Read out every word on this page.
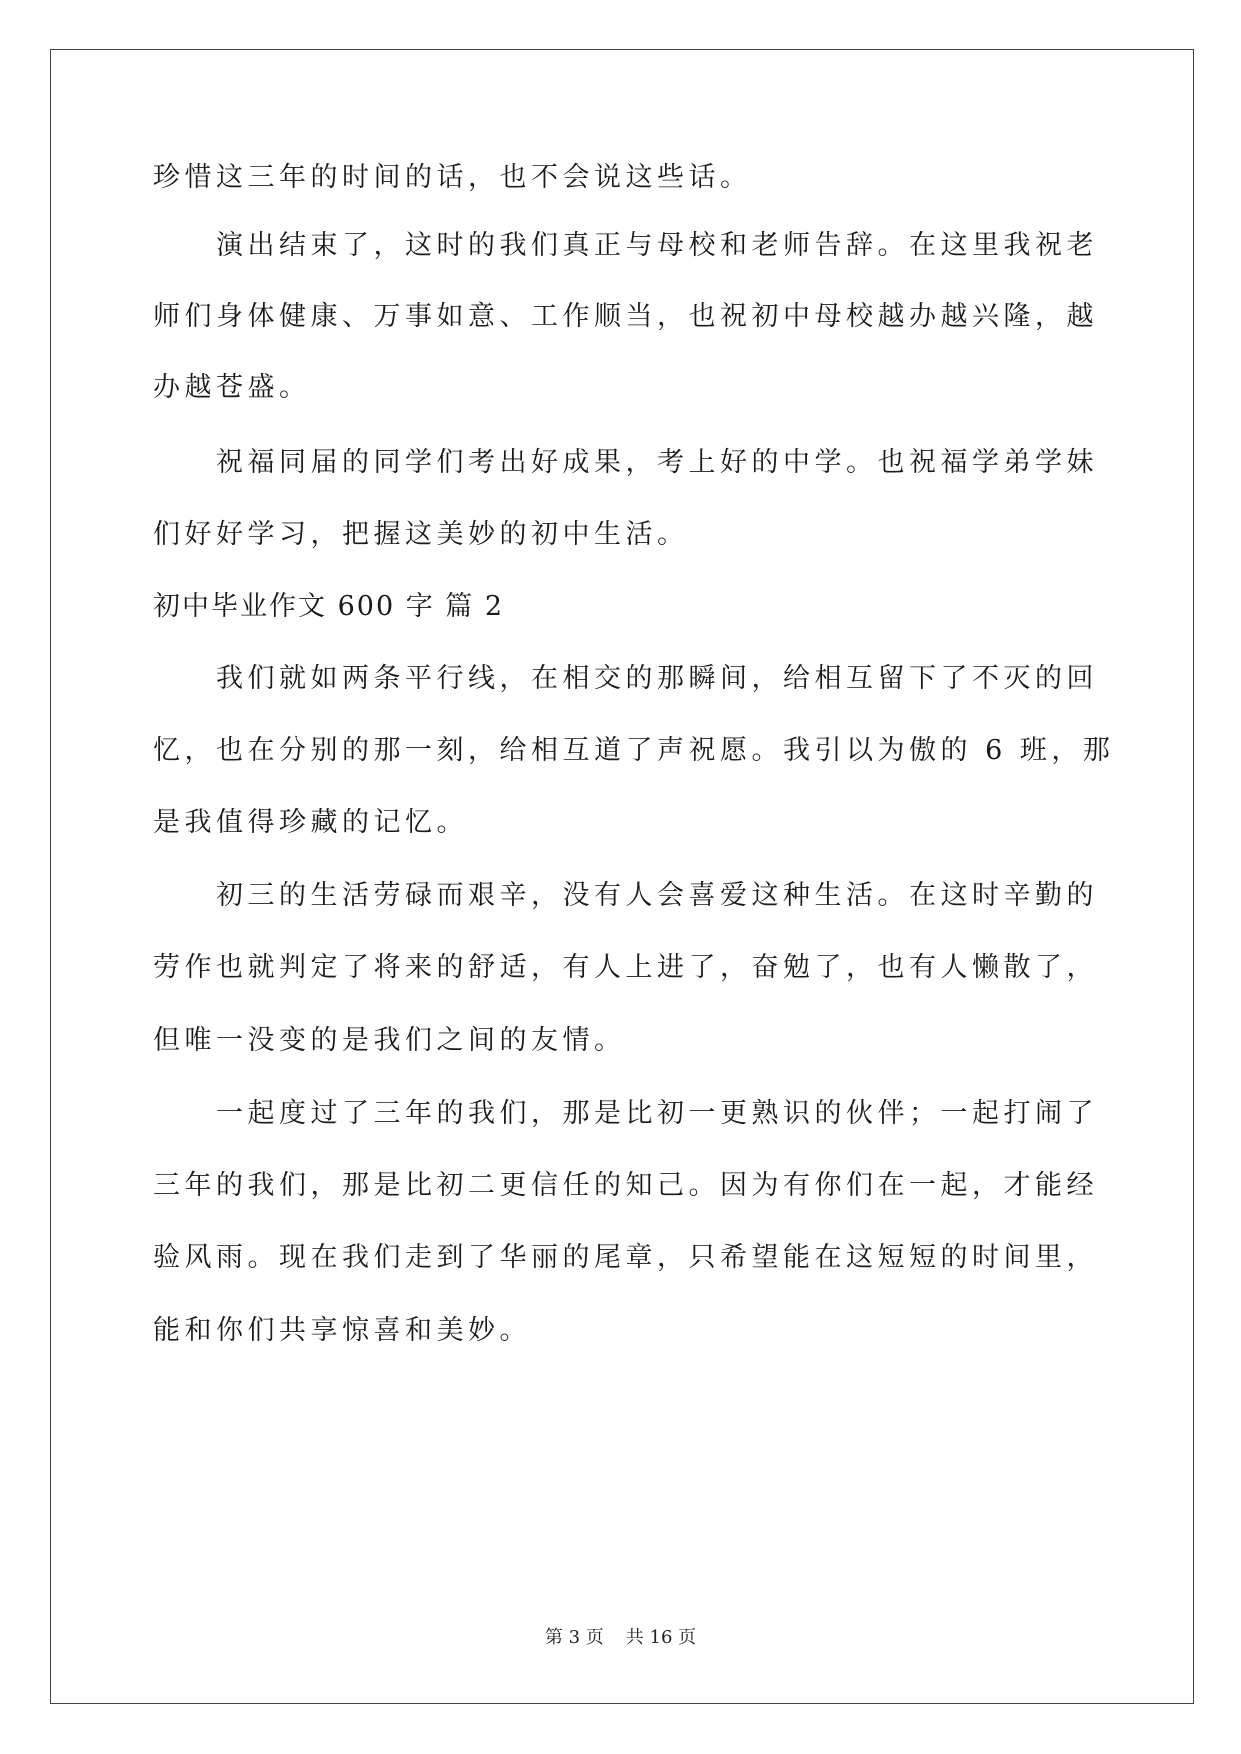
珍惜这三年的时间的话，也不会说这些话。
演出结束了，这时的我们真正与母校和老师告辞。在这里我祝老
师们身体健康、万事如意、工作顺当，也祝初中母校越办越兴隆，越
办越苍盛。
祝福同届的同学们考出好成果，考上好的中学。也祝福学弟学妹
们好好学习，把握这美妙的初中生活。
初中毕业作文 600 字 篇 2
我们就如两条平行线，在相交的那瞬间，给相互留下了不灭的回
忆，也在分别的那一刻，给相互道了声祝愿。我引以为傲的 6 班，那
是我值得珍藏的记忆。
初三的生活劳碌而艰辛，没有人会喜爱这种生活。在这时辛勤的
劳作也就判定了将来的舒适，有人上进了，奋勉了，也有人懒散了，
但唯一没变的是我们之间的友情。
一起度过了三年的我们，那是比初一更熟识的伙伴；一起打闹了
三年的我们，那是比初二更信任的知己。因为有你们在一起，才能经
验风雨。现在我们走到了华丽的尾章，只希望能在这短短的时间里，
能和你们共享惊喜和美妙。
第 3 页 共 16 页
